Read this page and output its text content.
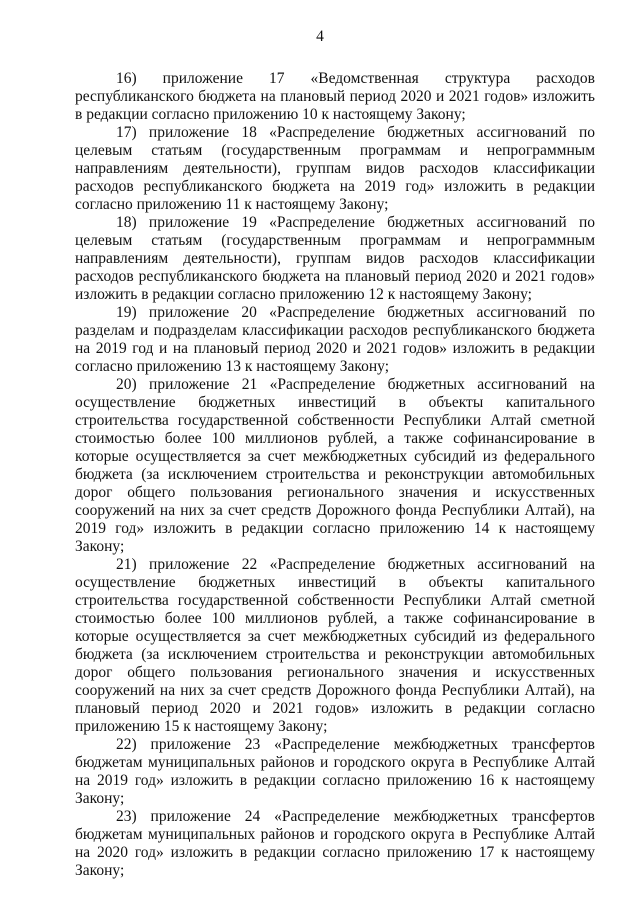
4

16) приложение 17 «Ведомственная структура расходов республиканского бюджета на плановый период 2020 и 2021 годов» изложить в редакции согласно приложению 10 к настоящему Закону;

17) приложение 18 «Распределение бюджетных ассигнований по целевым статьям (государственным программам и непрограммным направлениям деятельности), группам видов расходов классификации расходов республиканского бюджета на 2019 год» изложить в редакции согласно приложению 11 к настоящему Закону;

18) приложение 19 «Распределение бюджетных ассигнований по целевым статьям (государственным программам и непрограммным направлениям деятельности), группам видов расходов классификации расходов республиканского бюджета на плановый период 2020 и 2021 годов» изложить в редакции согласно приложению 12 к настоящему Закону;

19) приложение 20 «Распределение бюджетных ассигнований по разделам и подразделам классификации расходов республиканского бюджета на 2019 год и на плановый период 2020 и 2021 годов» изложить в редакции согласно приложению 13 к настоящему Закону;

20) приложение 21 «Распределение бюджетных ассигнований на осуществление бюджетных инвестиций в объекты капитального строительства государственной собственности Республики Алтай сметной стоимостью более 100 миллионов рублей, а также софинансирование в которые осуществляется за счет межбюджетных субсидий из федерального бюджета (за исключением строительства и реконструкции автомобильных дорог общего пользования регионального значения и искусственных сооружений на них за счет средств Дорожного фонда Республики Алтай), на 2019 год» изложить в редакции согласно приложению 14 к настоящему Закону;

21) приложение 22 «Распределение бюджетных ассигнований на осуществление бюджетных инвестиций в объекты капитального строительства государственной собственности Республики Алтай сметной стоимостью более 100 миллионов рублей, а также софинансирование в которые осуществляется за счет межбюджетных субсидий из федерального бюджета (за исключением строительства и реконструкции автомобильных дорог общего пользования регионального значения и искусственных сооружений на них за счет средств Дорожного фонда Республики Алтай), на плановый период 2020 и 2021 годов» изложить в редакции согласно приложению 15 к настоящему Закону;

22) приложение 23 «Распределение межбюджетных трансфертов бюджетам муниципальных районов и городского округа в Республике Алтай на 2019 год» изложить в редакции согласно приложению 16 к настоящему Закону;

23) приложение 24 «Распределение межбюджетных трансфертов бюджетам муниципальных районов и городского округа в Республике Алтай на 2020 год» изложить в редакции согласно приложению 17 к настоящему Закону;
